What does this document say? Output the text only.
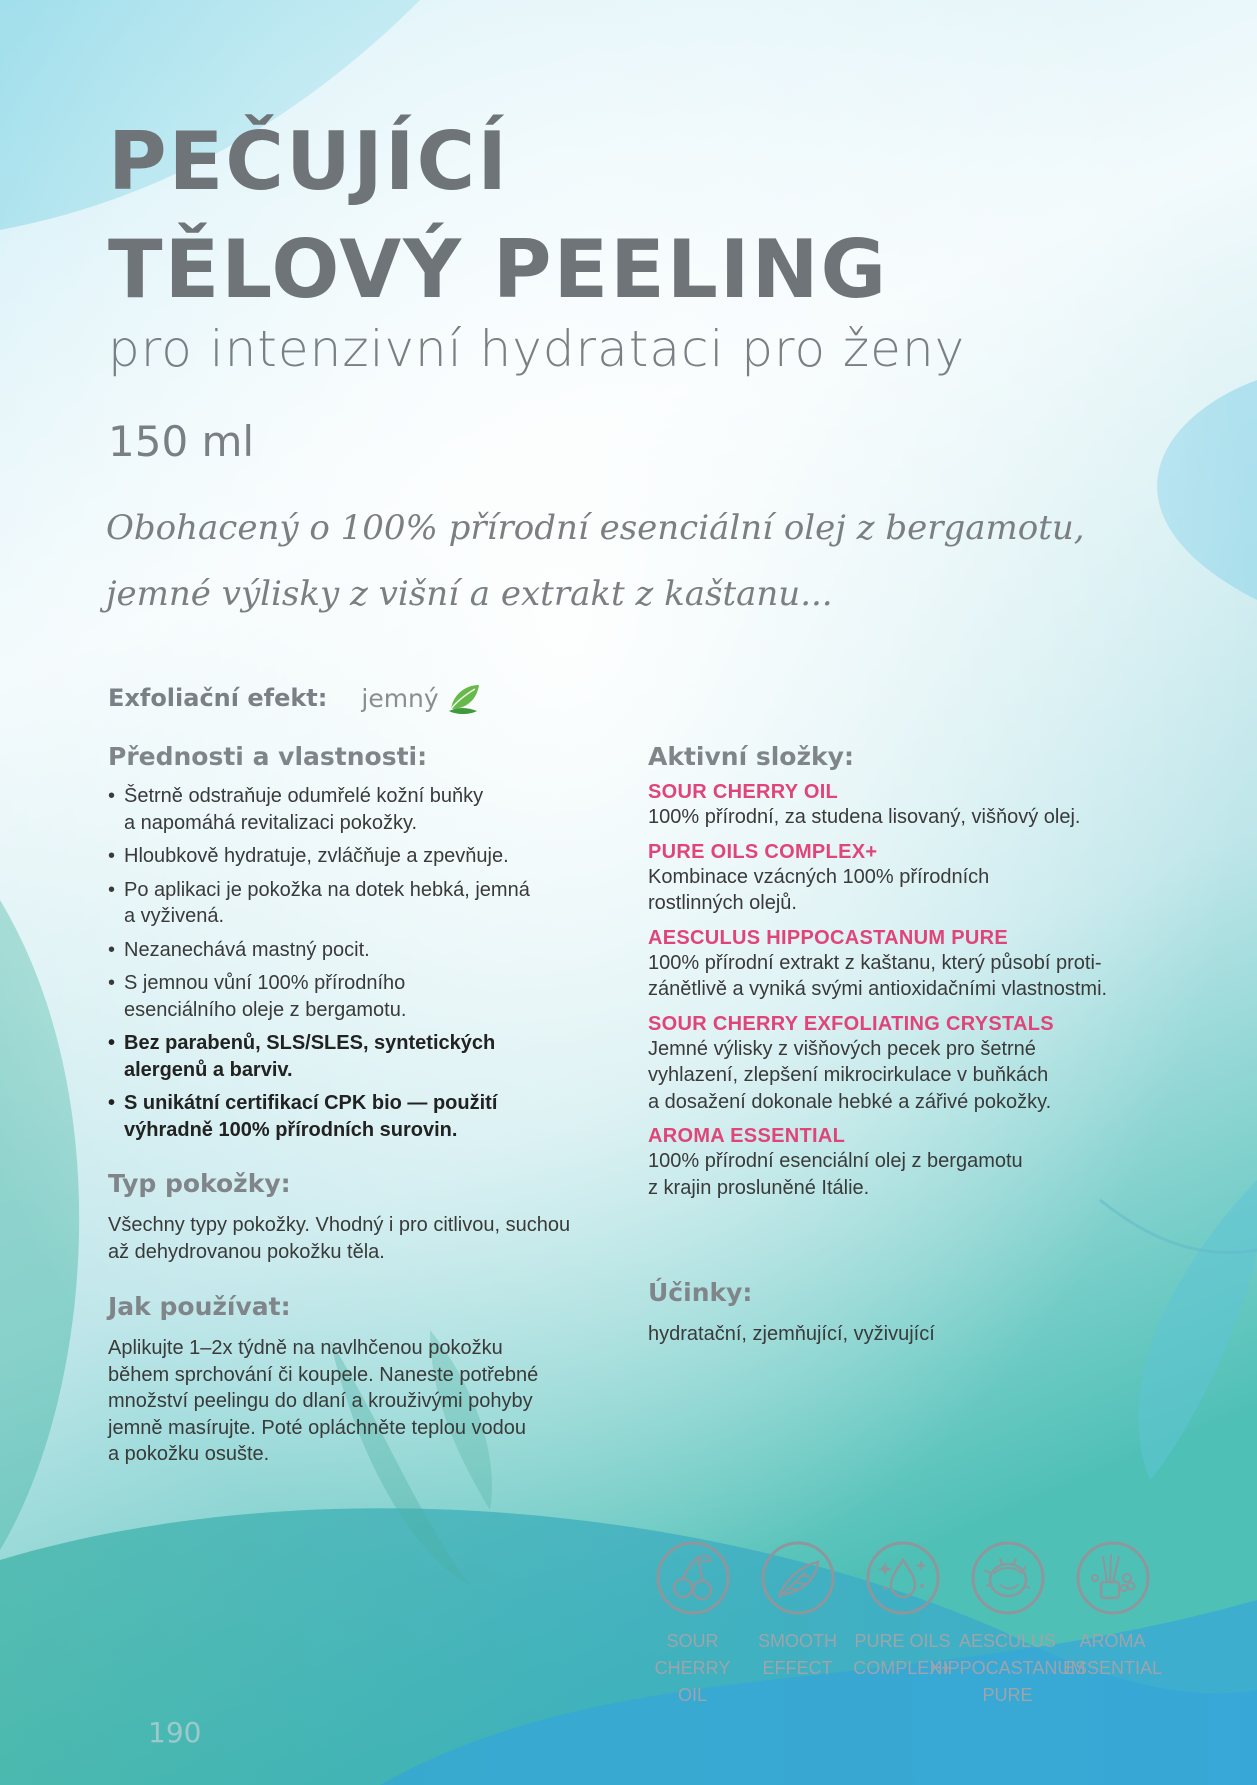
PEČUJÍCÍ
TĚLOVÝ PEELING
pro intenzivní hydrataci pro ženy
150 ml
Obohacený o 100% přírodní esenciální olej z bergamotu,
jemné výlisky z višní a extrakt z kaštanu...
Exfoliační efekt: jemný
Přednosti a vlastnosti:
• Šetrně odstraňuje odumřelé kožní buňky
a napomáhá revitalizaci pokožky.
• Hloubkově hydratuje, zvláčňuje a zpevňuje.
• Po aplikaci je pokožka na dotek hebká, jemná
a vyživená.
• Nezanechává mastný pocit.
• S jemnou vůní 100% přírodního
esenciálního oleje z bergamotu.
• Bez parabenů, SLS/SLES, syntetických
alergenů a barviv.
• S unikátní certifikací CPK bio — použití
výhradně 100% přírodních surovin.
Typ pokožky:
Všechny typy pokožky. Vhodný i pro citlivou, suchou
až dehydrovanou pokožku těla.
Jak používat:
Aplikujte 1–2x týdně na navlhčenou pokožku
během sprchování či koupele. Naneste potřebné
množství peelingu do dlaní a krouživými pohyby
jemně masírujte. Poté opláchněte teplou vodou
a pokožku osušte.
Aktivní složky:
SOUR CHERRY OIL
100% přírodní, za studena lisovaný, višňový olej.
PURE OILS COMPLEX+
Kombinace vzácných 100% přírodních
rostlinných olejů.
AESCULUS HIPPOCASTANUM PURE
100% přírodní extrakt z kaštanu, který působí proti-
zánětlivě a vyniká svými antioxidačními vlastnostmi.
SOUR CHERRY EXFOLIATING CRYSTALS
Jemné výlisky z višňových pecek pro šetrné
vyhlazení, zlepšení mikrocirkulace v buňkách
a dosažení dokonale hebké a zářivé pokožky.
AROMA ESSENTIAL
100% přírodní esenciální olej z bergamotu
z krajin prosluněné Itálie.
Účinky:
hydratační, zjemňující, vyživující
SOUR
CHERRY OIL
SMOOTH
EFFECT
PURE OILS
COMPLEX+
AESCULUS
HIPPOCASTANUM
PURE
AROMA
ESSENTIAL
190
